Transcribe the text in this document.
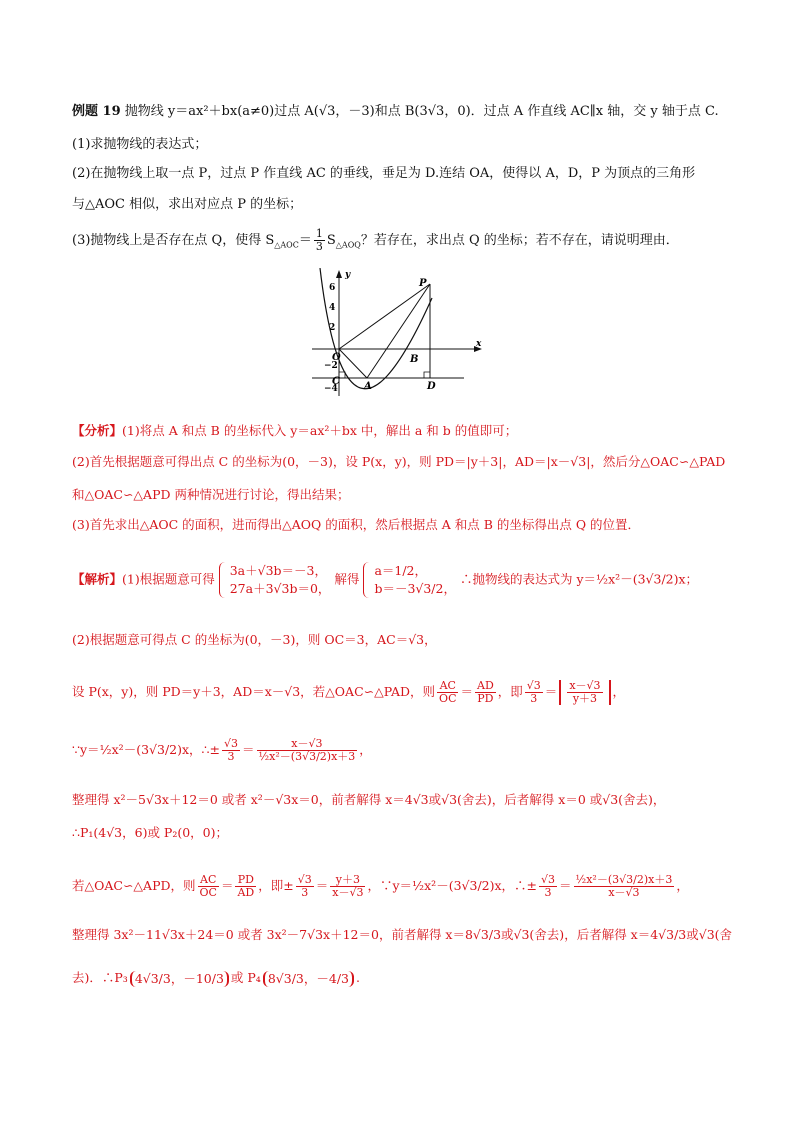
例题 19 抛物线 y＝ax²＋bx(a≠0)过点 A(√3，－3)和点 B(3√3，0)．过点 A 作直线 AC∥x 轴，交 y 轴于点 C.
(1)求抛物线的表达式；
(2)在抛物线上取一点 P，过点 P 作直线 AC 的垂线，垂足为 D.连结 OA，使得以 A，D，P 为顶点的三角形
与△AOC 相似，求出对应点 P 的坐标；
(3)抛物线上是否存在点 Q，使得 $S_{\triangle AOC}= \frac{1}{3} S_{\triangle AOQ}$？若存在，求出点 Q 的坐标；若不存在，请说明理由．
x
y
6
4
2
−2
−4
O
A
B
C	D
P
【分析】(1)将点 A 和点 B 的坐标代入 y＝ax²＋bx 中，解出 a 和 b 的值即可；
(2)首先根据题意可得出点 C 的坐标为(0，－3)，设 P(x，y)，则 PD＝|y＋3|，AD＝|x－√3|，然后分△OAC∽△PAD
和△OAC∽△APD 两种情况进行讨论，得出结果；
(3)首先求出△AOC 的面积，进而得出△AOQ 的面积，然后根据点 A 和点 B 的坐标得出点 Q 的位置．
【解析】(1)根据题意可得
3a＋√3b＝－3，
27a＋3√3b＝0，
解得
a＝1/2，
b＝－3√3/2，
∴抛物线的表达式为 y＝½x²－(3√3/2)x；
(2)根据题意可得点 C 的坐标为(0，－3)，则 OC＝3，AC＝√3，
设 P(x，y)，则 PD＝y＋3，AD＝x－√3，若△OAC∽△PAD，则 $\frac{AC}{OC} = \frac{AD}{PD}$ ，即 $\frac{√3}{3} = \frac{x-√3}{y+3}$ ，
∵y＝½x²－(3√3/2)x，∴± $\frac{√3}{3} = \frac{x-√3}{\text{½x²－(3√3/2)x＋3}}$ ，
整理得 x²－5√3x＋12＝0 或者 x²－√3x＝0，前者解得 x＝4√3或√3(舍去)，后者解得 x＝0 或√3(舍去)，
∴P₁(4√3，6)或 P₂(0，0)；
若△OAC∽△APD，则 $\frac{AC}{OC} = \frac{PD}{AD}$ ，即± $\frac{√3}{3} = \frac{y+3}{x-√3}$ ，∵y＝½x²－(3√3/2)x，∴± $\frac{√3}{3} = \frac{\text{½x²－(3√3/2)x＋3}}{x-√3}$ ，
整理得 3x²－11√3x＋24＝0 或者 3x²－7√3x＋12＝0，前者解得 x＝8√3/3或√3(舍去)，后者解得 x＝4√3/3或√3(舍
去)．∴P₃ 4√3/3，－10/3 或 P₄ 8√3/3，－4/3 .
